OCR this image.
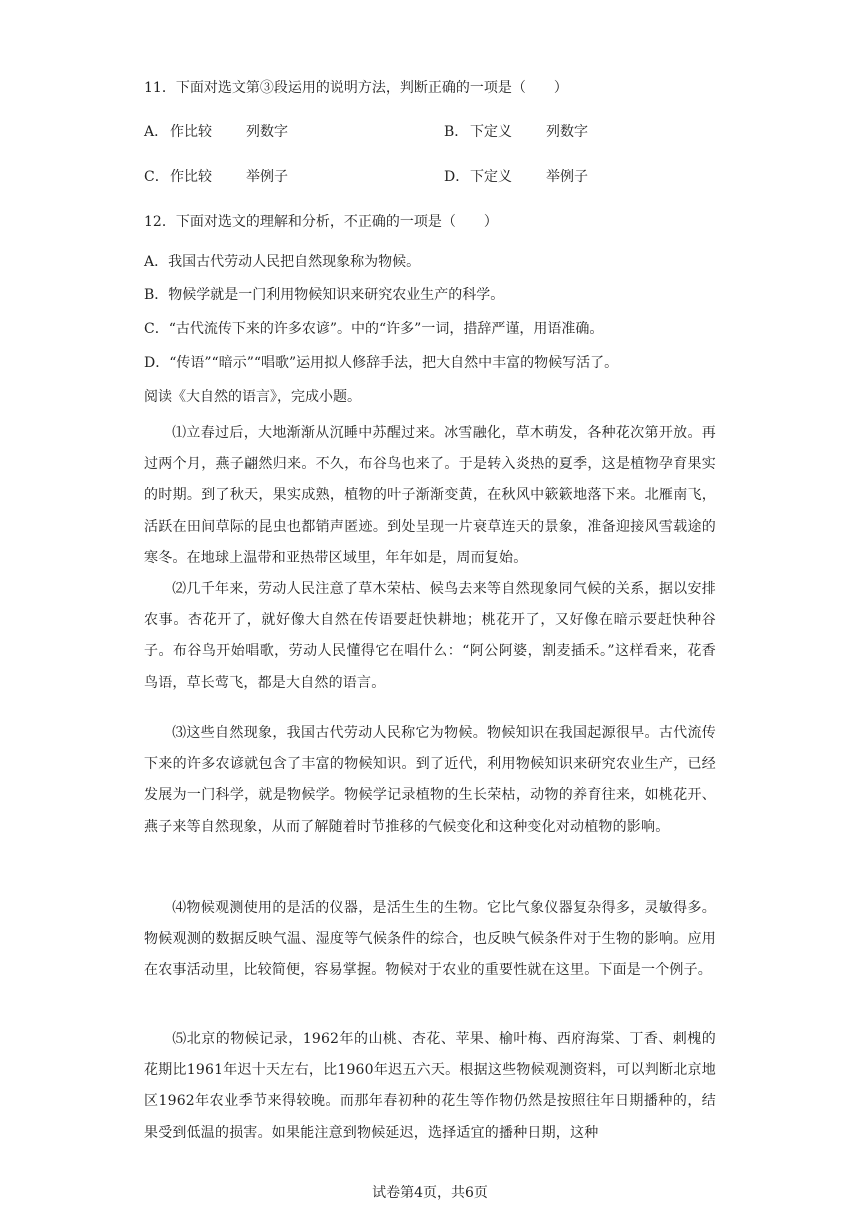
11．下面对选文第③段运用的说明方法，判断正确的一项是（　　）
A． 作比较 列数字	B． 下定义 列数字
C．作比较 举例子	D．下定义 举例子
12．下面对选文的理解和分析，不正确的一项是（　　）
A．我国古代劳动人民把自然现象称为物候。
B．物候学就是一门利用物候知识来研究农业生产的科学。
C．“古代流传下来的许多农谚”。中的“许多”一词，措辞严谨，用语准确。
D．“传语”“暗示”“唱歌”运用拟人修辞手法，把大自然中丰富的物候写活了。
阅读《大自然的语言》，完成小题。
⑴立春过后，大地渐渐从沉睡中苏醒过来。冰雪融化，草木萌发，各种花次第开放。再过两个月，燕子翩然归来。不久，布谷鸟也来了。于是转入炎热的夏季，这是植物孕育果实的时期。到了秋天，果实成熟，植物的叶子渐渐变黄，在秋风中簌簌地落下来。北雁南飞，活跃在田间草际的昆虫也都销声匿迹。到处呈现一片衰草连天的景象，准备迎接风雪载途的寒冬。在地球上温带和亚热带区域里，年年如是，周而复始。
⑵几千年来，劳动人民注意了草木荣枯、候鸟去来等自然现象同气候的关系，据以安排农事。杏花开了，就好像大自然在传语要赶快耕地；桃花开了，又好像在暗示要赶快种谷子。布谷鸟开始唱歌，劳动人民懂得它在唱什么：“阿公阿婆，割麦插禾。”这样看来，花香鸟语，草长莺飞，都是大自然的语言。
⑶这些自然现象，我国古代劳动人民称它为物候。物候知识在我国起源很早。古代流传下来的许多农谚就包含了丰富的物候知识。到了近代，利用物候知识来研究农业生产，已经发展为一门科学，就是物候学。物候学记录植物的生长荣枯，动物的养育往来，如桃花开、燕子来等自然现象，从而了解随着时节推移的气候变化和这种变化对动植物的影响。
⑷物候观测使用的是活的仪器，是活生生的生物。它比气象仪器复杂得多，灵敏得多。物候观测的数据反映气温、湿度等气候条件的综合，也反映气候条件对于生物的影响。应用在农事活动里，比较简便，容易掌握。物候对于农业的重要性就在这里。下面是一个例子。
⑸北京的物候记录，1962年的山桃、杏花、苹果、榆叶梅、西府海棠、丁香、刺槐的花期比1961年迟十天左右，比1960年迟五六天。根据这些物候观测资料，可以判断北京地区1962年农业季节来得较晚。而那年春初种的花生等作物仍然是按照往年日期播种的，结果受到低温的损害。如果能注意到物候延迟，选择适宜的播种日期，这种
试卷第4页，共6页
